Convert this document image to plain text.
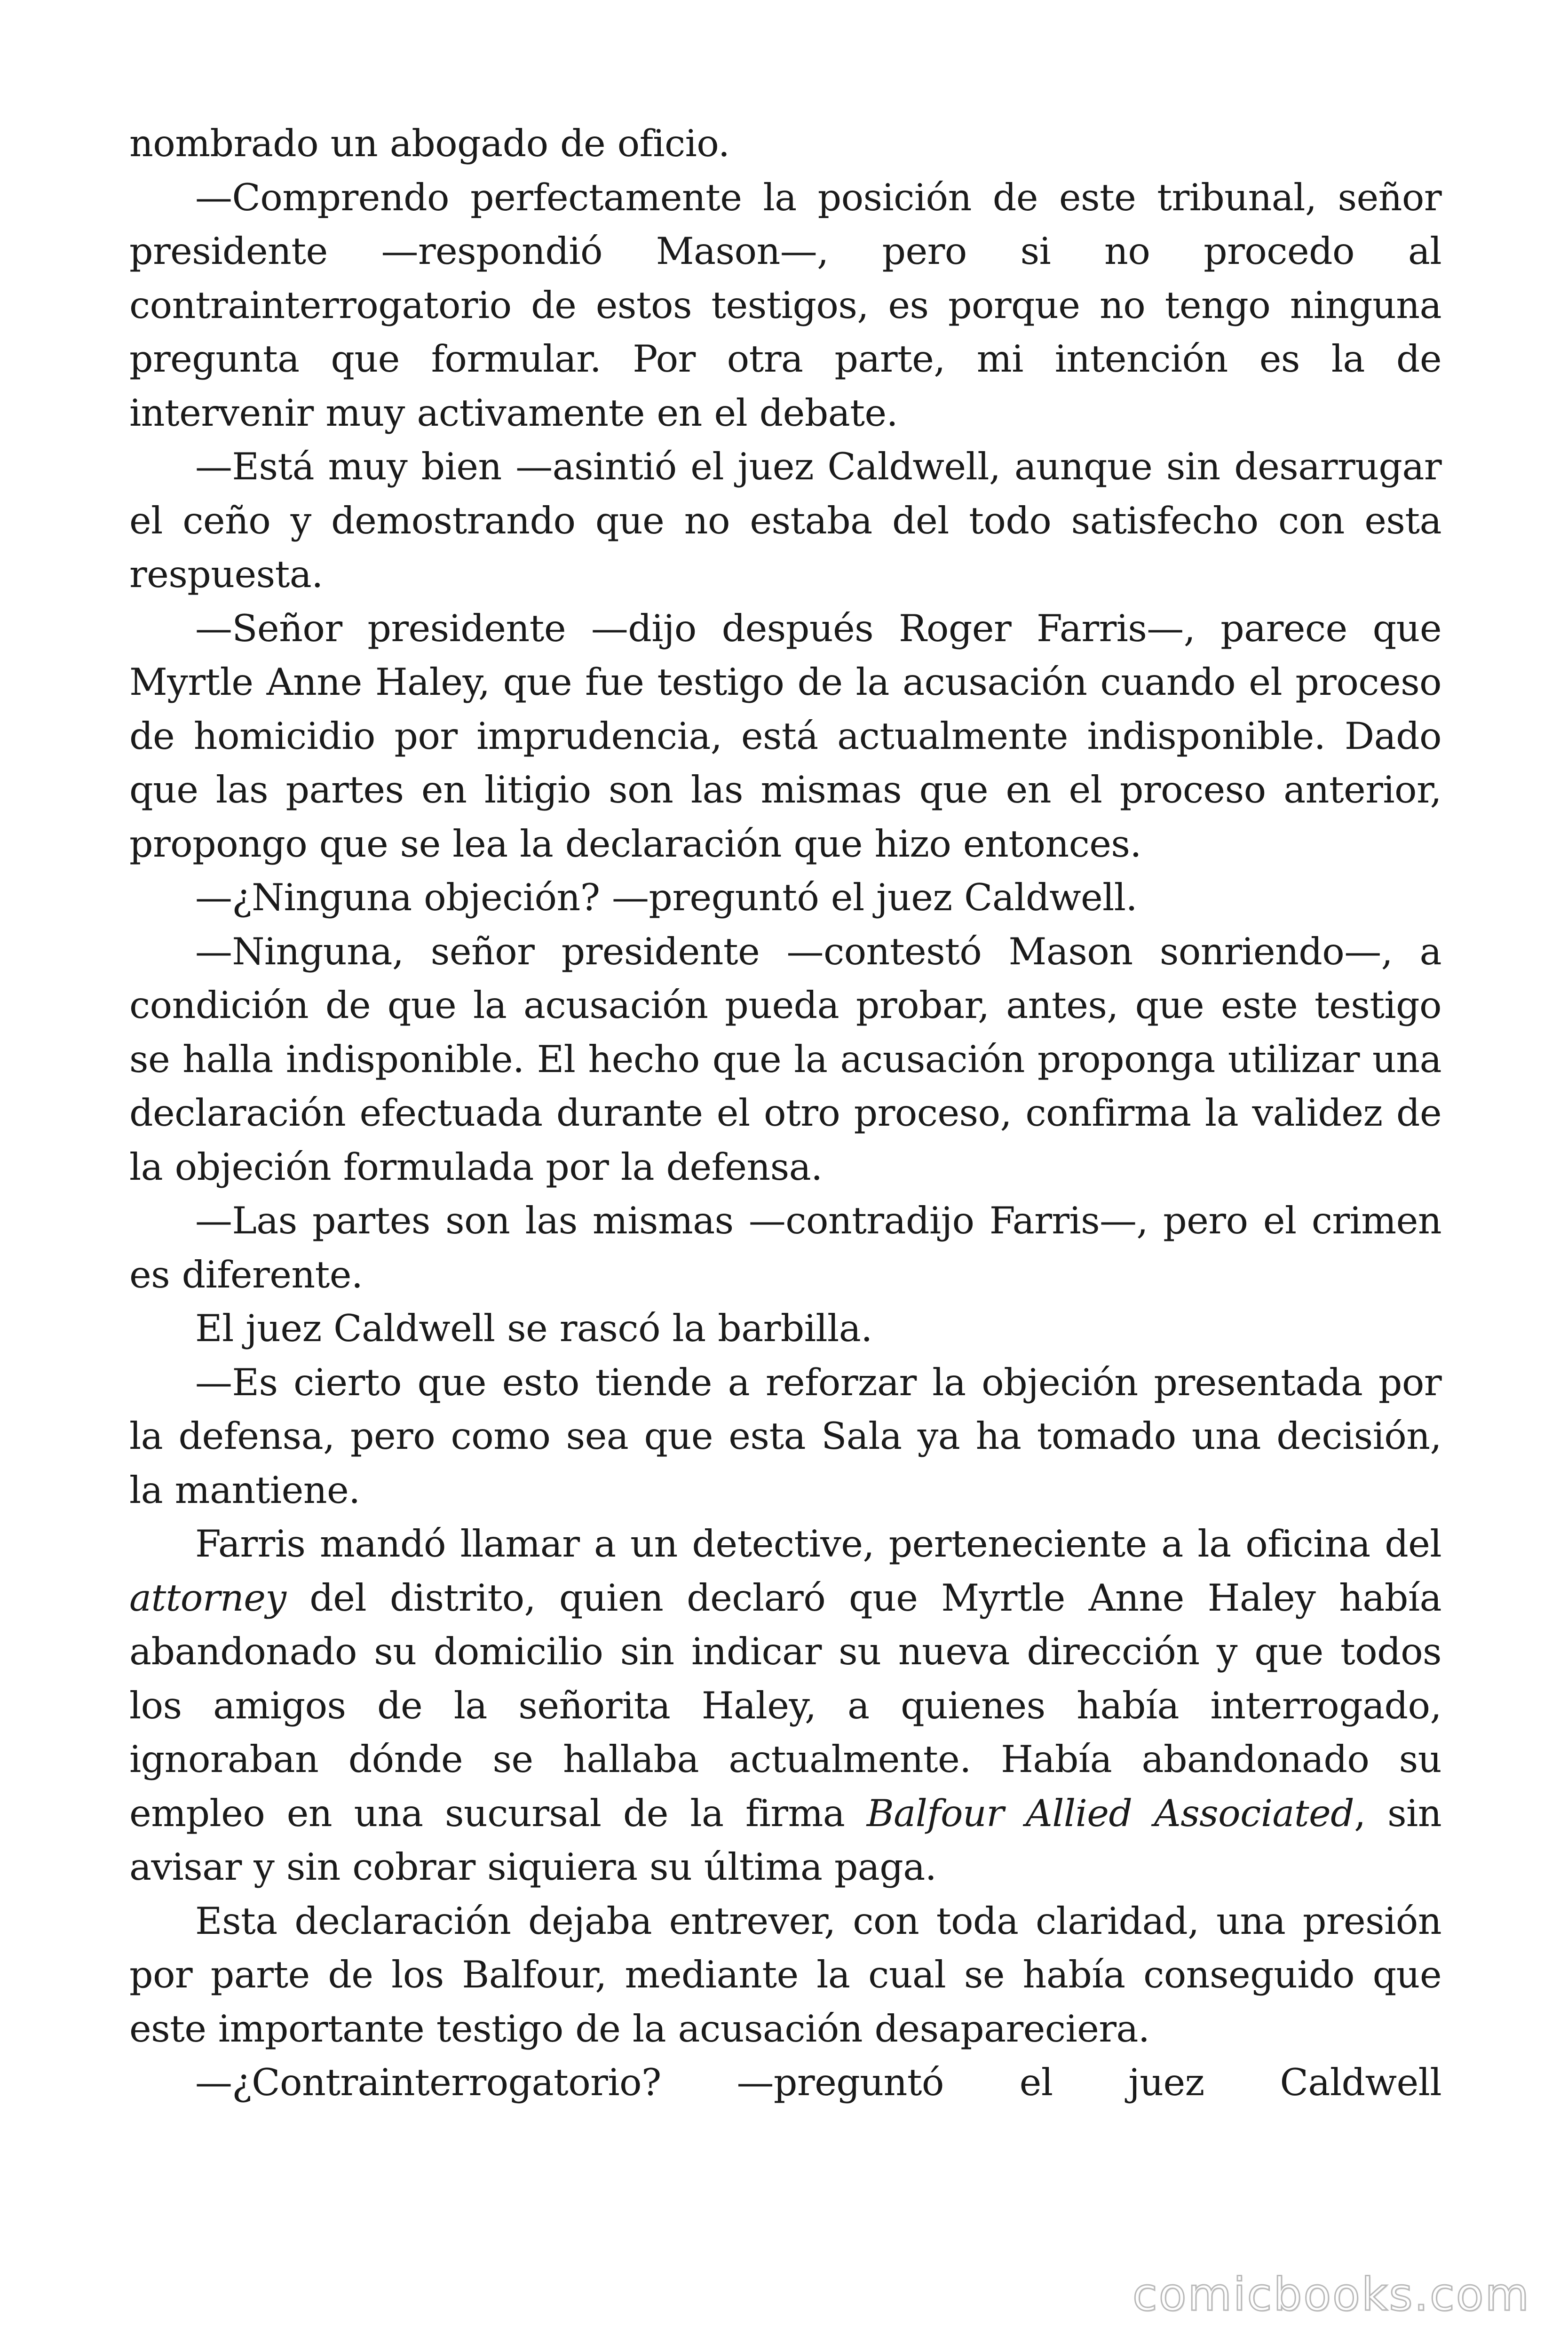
nombrado un abogado de oficio.

—Comprendo perfectamente la posición de este tribunal, señor presidente —respondió Mason—, pero si no procedo al contrainterrogatorio de estos testigos, es porque no tengo ninguna pregunta que formular. Por otra parte, mi intención es la de intervenir muy activamente en el debate.

—Está muy bien —asintió el juez Caldwell, aunque sin desarrugar el ceño y demostrando que no estaba del todo satisfecho con esta respuesta.

—Señor presidente —dijo después Roger Farris—, parece que Myrtle Anne Haley, que fue testigo de la acusación cuando el proceso de homicidio por imprudencia, está actualmente indisponible. Dado que las partes en litigio son las mismas que en el proceso anterior, propongo que se lea la declaración que hizo entonces.

—¿Ninguna objeción? —preguntó el juez Caldwell.

—Ninguna, señor presidente —contestó Mason sonriendo—, a condición de que la acusación pueda probar, antes, que este testigo se halla indisponible. El hecho que la acusación proponga utilizar una declaración efectuada durante el otro proceso, confirma la validez de la objeción formulada por la defensa.

—Las partes son las mismas —contradijo Farris—, pero el crimen es diferente.

El juez Caldwell se rascó la barbilla.

—Es cierto que esto tiende a reforzar la objeción presentada por la defensa, pero como sea que esta Sala ya ha tomado una decisión, la mantiene.

Farris mandó llamar a un detective, perteneciente a la oficina del attorney del distrito, quien declaró que Myrtle Anne Haley había abandonado su domicilio sin indicar su nueva dirección y que todos los amigos de la señorita Haley, a quienes había interrogado, ignoraban dónde se hallaba actualmente. Había abandonado su empleo en una sucursal de la firma Balfour Allied Associated, sin avisar y sin cobrar siquiera su última paga.

Esta declaración dejaba entrever, con toda claridad, una presión por parte de los Balfour, mediante la cual se había conseguido que este importante testigo de la acusación desapareciera.

—¿Contrainterrogatorio? —preguntó el juez Caldwell

comicbooks.com
